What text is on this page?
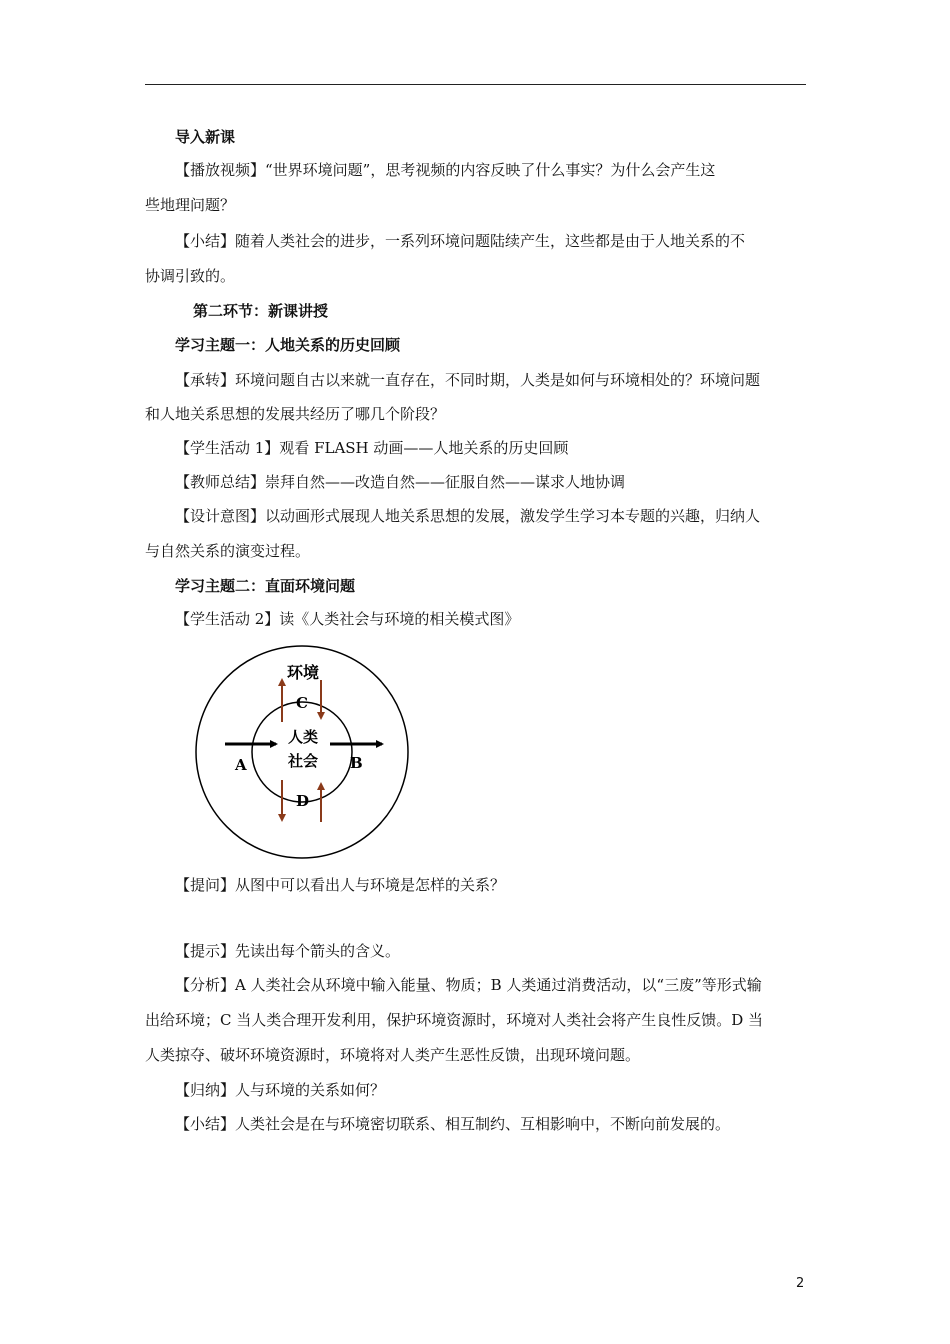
导入新课
【播放视频】“世界环境问题”，思考视频的内容反映了什么事实？为什么会产生这
些地理问题？
【小结】随着人类社会的进步，一系列环境问题陆续产生，这些都是由于人地关系的不
协调引致的。
第二环节：新课讲授
学习主题一：人地关系的历史回顾
【承转】环境问题自古以来就一直存在，不同时期，人类是如何与环境相处的？环境问题
和人地关系思想的发展共经历了哪几个阶段？
【学生活动 1】观看 FLASH 动画——人地关系的历史回顾
【教师总结】崇拜自然——改造自然——征服自然——谋求人地协调
【设计意图】以动画形式展现人地关系思想的发展，激发学生学习本专题的兴趣，归纳人
与自然关系的演变过程。
学习主题二：直面环境问题
【学生活动 2】读《人类社会与环境的相关模式图》
环境
C
人类
社会
A	B
D
【提问】从图中可以看出人与环境是怎样的关系？
【提示】先读出每个箭头的含义。
【分析】A 人类社会从环境中输入能量、物质；B 人类通过消费活动，以“三废”等形式输
出给环境；C 当人类合理开发利用，保护环境资源时，环境对人类社会将产生良性反馈。D 当
人类掠夺、破坏环境资源时，环境将对人类产生恶性反馈，出现环境问题。
【归纳】人与环境的关系如何？
【小结】人类社会是在与环境密切联系、相互制约、互相影响中，不断向前发展的。
2
